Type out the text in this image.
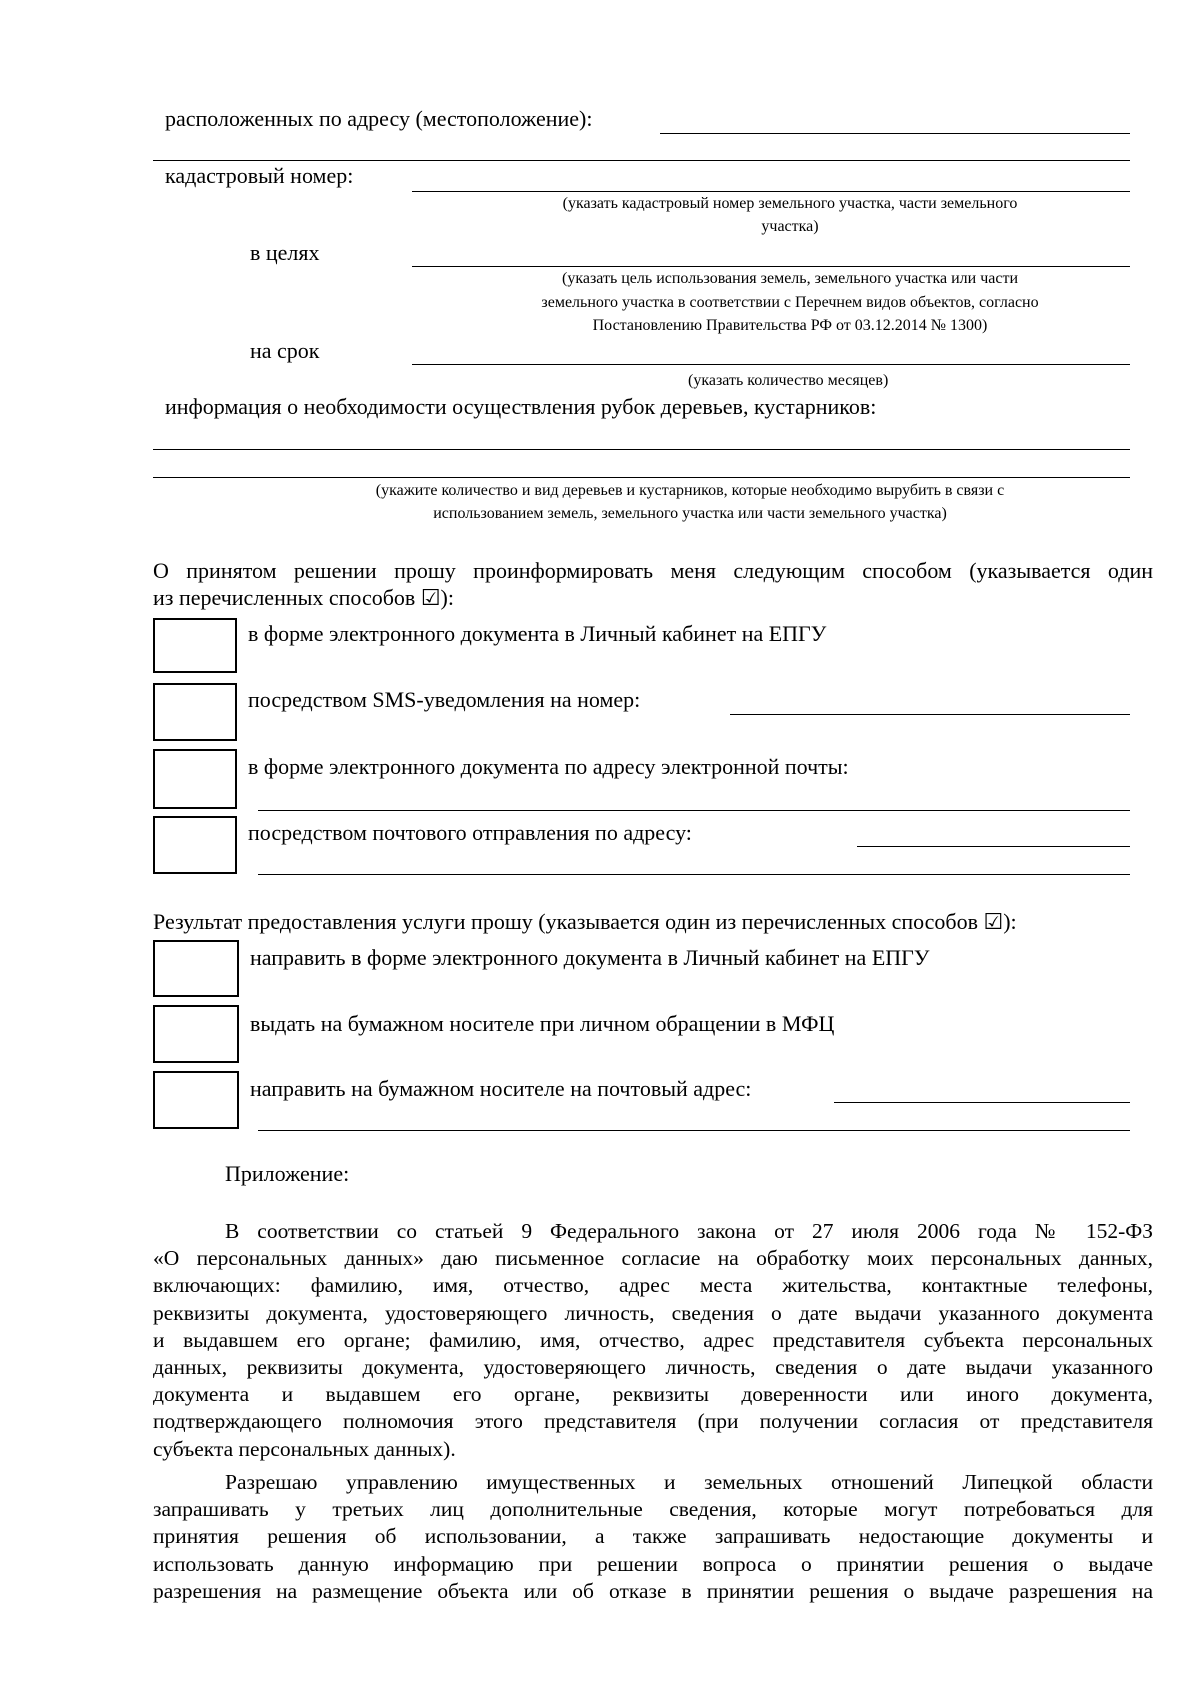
расположенных по адресу (местоположение):
кадастровый номер:
(указать кадастровый номер земельного участка, части земельного
участка)
в целях
(указать цель использования земель, земельного участка или части
земельного участка в соответствии с Перечнем видов объектов, согласно
Постановлению Правительства РФ от 03.12.2014 № 1300)
на срок
(указать количество месяцев)
информация о необходимости осуществления рубок деревьев, кустарников:
(укажите количество и вид деревьев и кустарников, которые необходимо вырубить в связи с
использованием земель, земельного участка или части земельного участка)
О принятом решении прошу проинформировать меня следующим способом (указывается один
из перечисленных способов ☑):
в форме электронного документа в Личный кабинет на ЕПГУ
посредством SMS-уведомления на номер:
в форме электронного документа по адресу электронной почты:
посредством почтового отправления по адресу:
Результат предоставления услуги прошу (указывается один из перечисленных способов ☑):
направить в форме электронного документа в Личный кабинет на ЕПГУ
выдать на бумажном носителе при личном обращении в МФЦ
направить на бумажном носителе на почтовый адрес:
Приложение:
В соответствии со статьей 9 Федерального закона от 27 июля 2006 года № 152-ФЗ
«О персональных данных» даю письменное согласие на обработку моих персональных данных,
включающих: фамилию, имя, отчество, адрес места жительства, контактные телефоны,
реквизиты документа, удостоверяющего личность, сведения о дате выдачи указанного документа
и выдавшем его органе; фамилию, имя, отчество, адрес представителя субъекта персональных
данных, реквизиты документа, удостоверяющего личность, сведения о дате выдачи указанного
документа и выдавшем его органе, реквизиты доверенности или иного документа,
подтверждающего полномочия этого представителя (при получении согласия от представителя
субъекта персональных данных).
Разрешаю управлению имущественных и земельных отношений Липецкой области
запрашивать у третьих лиц дополнительные сведения, которые могут потребоваться для
принятия решения об использовании, а также запрашивать недостающие документы и
использовать данную информацию при решении вопроса о принятии решения о выдаче
разрешения на размещение объекта или об отказе в принятии решения о выдаче разрешения на
